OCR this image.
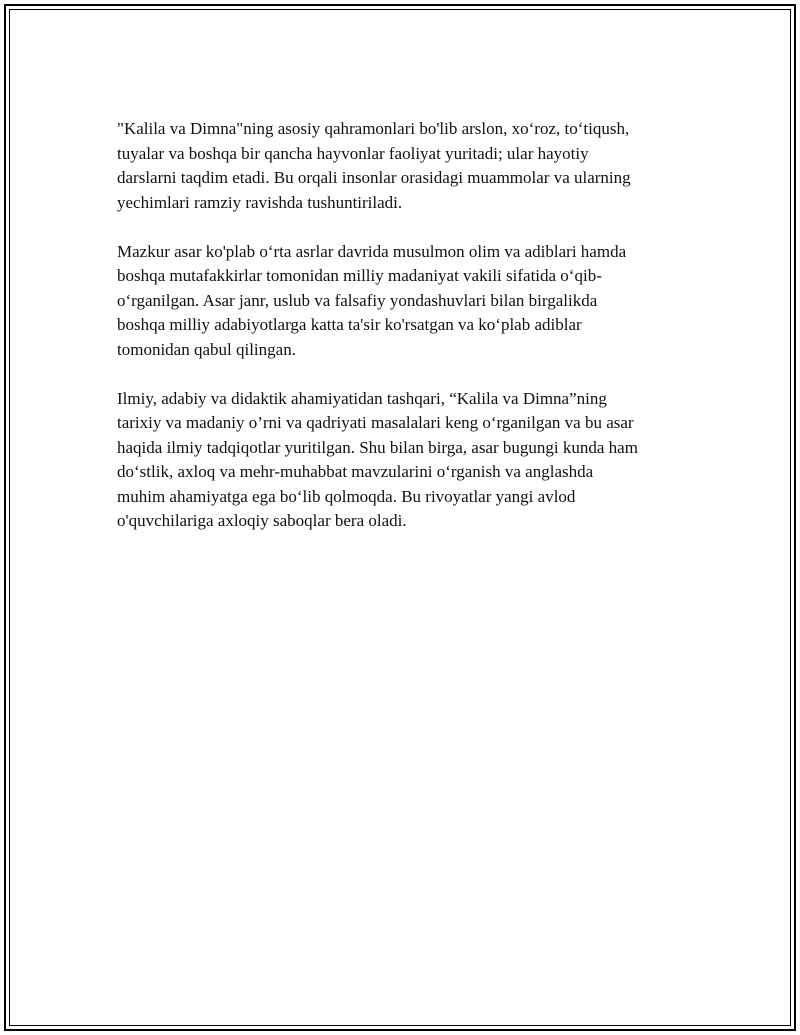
"Kalila va Dimna"ning asosiy qahramonlari bo'lib arslon, xo‘roz, to‘tiqush,
tuyalar va boshqa bir qancha hayvonlar faoliyat yuritadi; ular hayotiy
darslarni taqdim etadi. Bu orqali insonlar orasidagi muammolar va ularning
yechimlari ramziy ravishda tushuntiriladi.

Mazkur asar ko'plab o‘rta asrlar davrida musulmon olim va adiblari hamda
boshqa mutafakkirlar tomonidan milliy madaniyat vakili sifatida o‘qib-
o‘rganilgan. Asar janr, uslub va falsafiy yondashuvlari bilan birgalikda
boshqa milliy adabiyotlarga katta ta'sir ko'rsatgan va ko‘plab adiblar
tomonidan qabul qilingan.

Ilmiy, adabiy va didaktik ahamiyatidan tashqari, “Kalila va Dimna”ning
tarixiy va madaniy o’rni va qadriyati masalalari keng o‘rganilgan va bu asar
haqida ilmiy tadqiqotlar yuritilgan. Shu bilan birga, asar bugungi kunda ham
do‘stlik, axloq va mehr-muhabbat mavzularini o‘rganish va anglashda
muhim ahamiyatga ega bo‘lib qolmoqda. Bu rivoyatlar yangi avlod
o'quvchilariga axloqiy saboqlar bera oladi.
